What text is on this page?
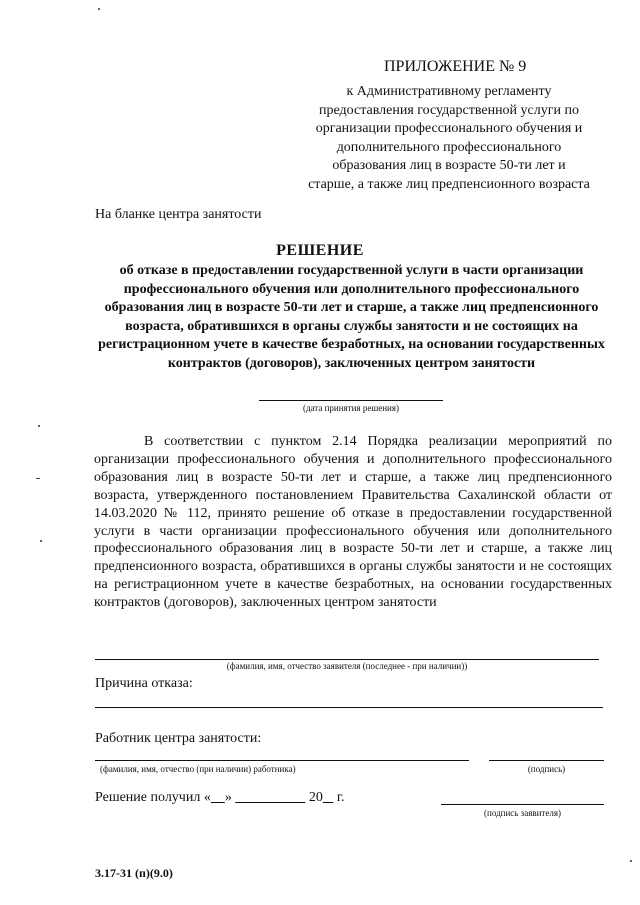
ПРИЛОЖЕНИЕ № 9
к Административному регламенту
предоставления государственной услуги по
организации профессионального обучения и
дополнительного профессионального
образования лиц в возрасте 50-ти лет и
старше, а также лиц предпенсионного возраста
На бланке центра занятости
РЕШЕНИЕ
об отказе в предоставлении государственной услуги в части организации профессионального обучения или дополнительного профессионального образования лиц в возрасте 50-ти лет и старше, а также лиц предпенсионного возраста, обратившихся в органы службы занятости и не состоящих на регистрационном учете в качестве безработных, на основании государственных контрактов (договоров), заключенных центром занятости
(дата принятия решения)
В соответствии с пунктом 2.14 Порядка реализации мероприятий по организации профессионального обучения и дополнительного профессионального образования лиц в возрасте 50-ти лет и старше, а также лиц предпенсионного возраста, утвержденного постановлением Правительства Сахалинской области от 14.03.2020 № 112, принято решение об отказе в предоставлении государственной услуги в части организации профессионального обучения или дополнительного профессионального образования лиц в возрасте 50-ти лет и старше, а также лиц предпенсионного возраста, обратившихся в органы службы занятости и не состоящих на регистрационном учете в качестве безработных, на основании государственных контрактов (договоров), заключенных центром занятости
(фамилия, имя, отчество заявителя (последнее - при наличии))
Причина отказа:
Работник центра занятости:
(фамилия, имя, отчество (при наличии) работника)	(подпись)
Решение получил « »	20    г.
(подпись заявителя)
3.17-31 (п)(9.0)
